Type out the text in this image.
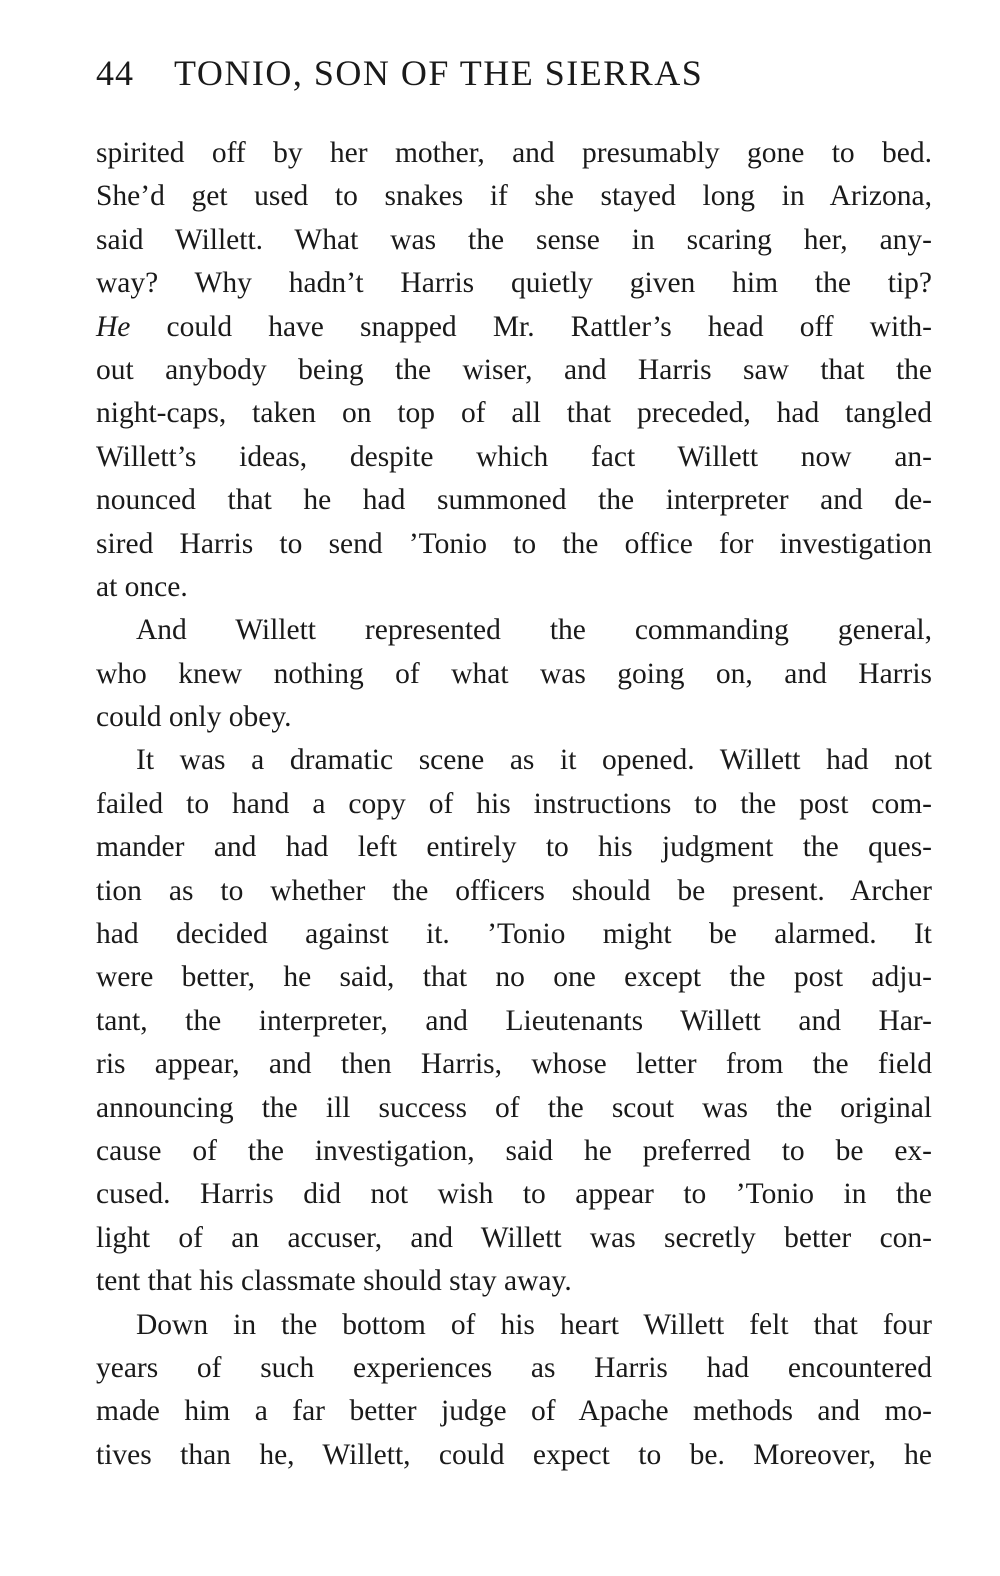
44 TONIO, SON OF THE SIERRAS
spirited off by her mother, and presumably gone to bed.
She’d get used to snakes if she stayed long in Arizona,
said Willett. What was the sense in scaring her, any-
way? Why hadn’t Harris quietly given him the tip?
He could have snapped Mr. Rattler’s head off with-
out anybody being the wiser, and Harris saw that the
night-caps, taken on top of all that preceded, had tangled
Willett’s ideas, despite which fact Willett now an-
nounced that he had summoned the interpreter and de-
sired Harris to send ’Tonio to the office for investigation
at once.
And Willett represented the commanding general,
who knew nothing of what was going on, and Harris
could only obey.
It was a dramatic scene as it opened. Willett had not
failed to hand a copy of his instructions to the post com-
mander and had left entirely to his judgment the ques-
tion as to whether the officers should be present. Archer
had decided against it. ’Tonio might be alarmed. It
were better, he said, that no one except the post adju-
tant, the interpreter, and Lieutenants Willett and Har-
ris appear, and then Harris, whose letter from the field
announcing the ill success of the scout was the original
cause of the investigation, said he preferred to be ex-
cused. Harris did not wish to appear to ’Tonio in the
light of an accuser, and Willett was secretly better con-
tent that his classmate should stay away.
Down in the bottom of his heart Willett felt that four
years of such experiences as Harris had encountered
made him a far better judge of Apache methods and mo-
tives than he, Willett, could expect to be. Moreover, he
